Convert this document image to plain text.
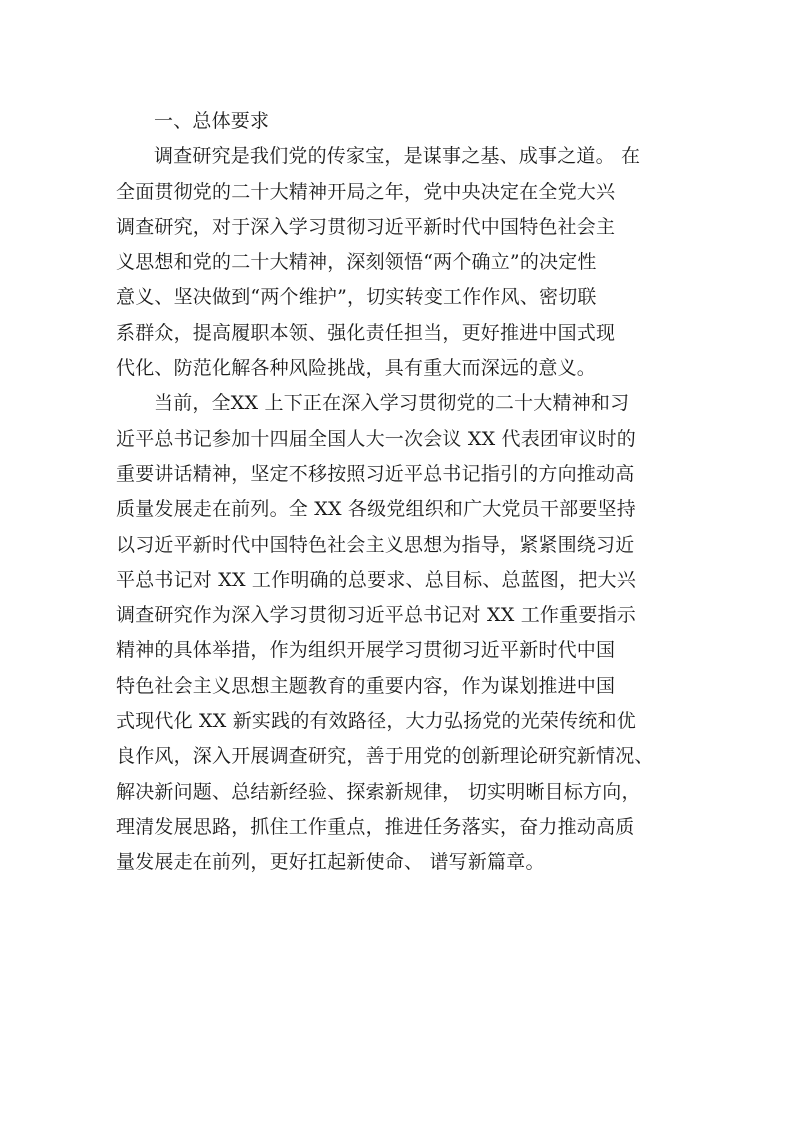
一、总体要求

调查研究是我们党的传家宝，是谋事之基、成事之道。 在
全面贯彻党的二十大精神开局之年，党中央决定在全党大兴
调查研究，对于深入学习贯彻习近平新时代中国特色社会主
义思想和党的二十大精神，深刻领悟“两个确立”的决定性
意义、坚决做到“两个维护”，切实转变工作作风、密切联
系群众，提高履职本领、强化责任担当，更好推进中国式现
代化、防范化解各种风险挑战，具有重大而深远的意义。

当前，全XX 上下正在深入学习贯彻党的二十大精神和习
近平总书记参加十四届全国人大一次会议 XX 代表团审议时的
重要讲话精神，坚定不移按照习近平总书记指引的方向推动高
质量发展走在前列。全 XX 各级党组织和广大党员干部要坚持
以习近平新时代中国特色社会主义思想为指导，紧紧围绕习近
平总书记对 XX 工作明确的总要求、总目标、总蓝图，把大兴
调查研究作为深入学习贯彻习近平总书记对 XX 工作重要指示
精神的具体举措，作为组织开展学习贯彻习近平新时代中国
特色社会主义思想主题教育的重要内容，作为谋划推进中国
式现代化 XX 新实践的有效路径，大力弘扬党的光荣传统和优
良作风，深入开展调查研究，善于用党的创新理论研究新情况、
解决新问题、总结新经验、探索新规律， 切实明晰目标方向，
理清发展思路，抓住工作重点，推进任务落实，奋力推动高质
量发展走在前列，更好扛起新使命、 谱写新篇章。
